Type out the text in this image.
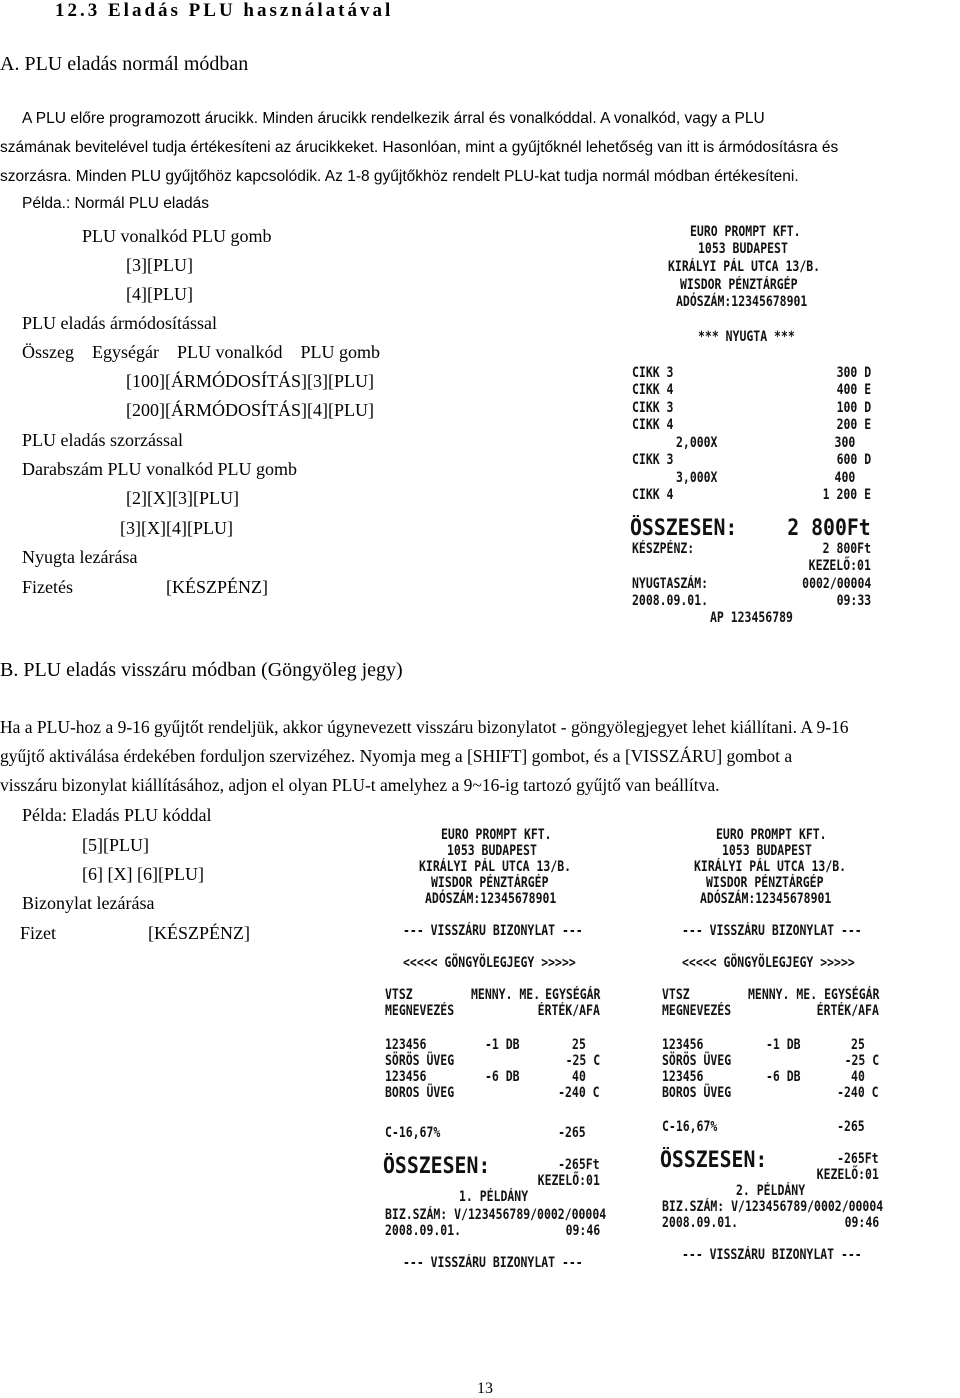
12.3 Eladás PLU használatával
A. PLU eladás normál módban

A PLU előre programozott árucikk. Minden árucikk rendelkezik árral és vonalkóddal. A vonalkód, vagy a PLU

számának bevitelével tudja értékesíteni az árucikkeket. Hasonlóan, mint a gyűjtőknél lehetőség van itt is ármódosításra és

szorzásra. Minden PLU gyűjtőhöz kapcsolódik. Az 1-8 gyűjtőkhöz rendelt PLU-kat tudja normál módban értékesíteni.

Példa.: Normál PLU eladás
PLU vonalkód PLU gomb
[3][PLU]
[4][PLU]
PLU eladás ármódosítással
Összeg    Egységár    PLU vonalkód    PLU gomb
[100][ÁRMÓDOSÍTÁS][3][PLU]
[200][ÁRMÓDOSÍTÁS][4][PLU]
PLU eladás szorzással
Darabszám PLU vonalkód PLU gomb
[2][X][3][PLU]
[3][X][4][PLU]
Nyugta lezárása
Fizetés	[KÉSZPÉNZ]
EURO PROMPT KFT.
1053 BUDAPEST
KIRÁLYI PÁL UTCA 13/B.
WISDOR PÉNZTÁRGÉP
ADÓSZÁM:12345678901
*** NYUGTA ***
CIKK 3	300 D
CIKK 4	400 E
CIKK 3	100 D
CIKK 4	200 E
2,000X	300
CIKK 3	600 D
3,000X	400
CIKK 4	1 200 E
ÖSSZESEN: 2 800Ft
KÉSZPÉNZ:	2 800Ft
KEZELŐ:01
NYUGTASZÁM:	0002/00004
2008.09.01.	09:33
AP 123456789
B. PLU eladás visszáru módban (Göngyöleg jegy)

Ha a PLU-hoz a 9-16 gyűjtőt rendeljük, akkor úgynevezett visszáru bizonylatot - göngyölegjegyet lehet kiállítani. A 9-16

gyűjtő aktiválása érdekében forduljon szervizéhez. Nyomja meg a [SHIFT] gombot, és a [VISSZÁRU] gombot a

visszáru bizonylat kiállításához, adjon el olyan PLU-t amelyhez a 9~16-ig tartozó gyűjtő van beállítva.

Példa: Eladás PLU kóddal
[5][PLU]
[6] [X] [6][PLU]
Bizonylat lezárása
Fizet	[KÉSZPÉNZ]
EURO PROMPT KFT.
1053 BUDAPEST
KIRÁLYI PÁL UTCA 13/B.
WISDOR PÉNZTÁRGÉP
ADÓSZÁM:12345678901
--- VISSZÁRU BIZONYLAT ---
<<<<< GÖNGYÖLEGJEGY >>>>>
VTSZ	MENNY. ME. EGYSÉGÁR
MEGNEVEZÉS	ÉRTÉK/AFA
123456	-1 DB	25
SÖRÖS ÜVEG	-25 C
123456	-6 DB	40
BOROS ÜVEG	-240 C
C-16,67%	-265
ÖSSZESEN:	-265Ft
KEZELŐ:01
1. PÉLDÁNY
BIZ.SZÁM: V/123456789/0002/00004
2008.09.01.	09:46
--- VISSZÁRU BIZONYLAT ---
EURO PROMPT KFT.
1053 BUDAPEST
KIRÁLYI PÁL UTCA 13/B.
WISDOR PÉNZTÁRGÉP
ADÓSZÁM:12345678901
--- VISSZÁRU BIZONYLAT ---
<<<<< GÖNGYÖLEGJEGY >>>>>
VTSZ	MENNY. ME. EGYSÉGÁR
MEGNEVEZÉS	ÉRTÉK/AFA
123456	-1 DB	25
SÖRÖS ÜVEG	-25 C
123456	-6 DB	40
BOROS ÜVEG	-240 C
C-16,67%	-265
ÖSSZESEN:	-265Ft
KEZELŐ:01
2. PÉLDÁNY
BIZ.SZÁM: V/123456789/0002/00004
2008.09.01.	09:46
--- VISSZÁRU BIZONYLAT ---
13
